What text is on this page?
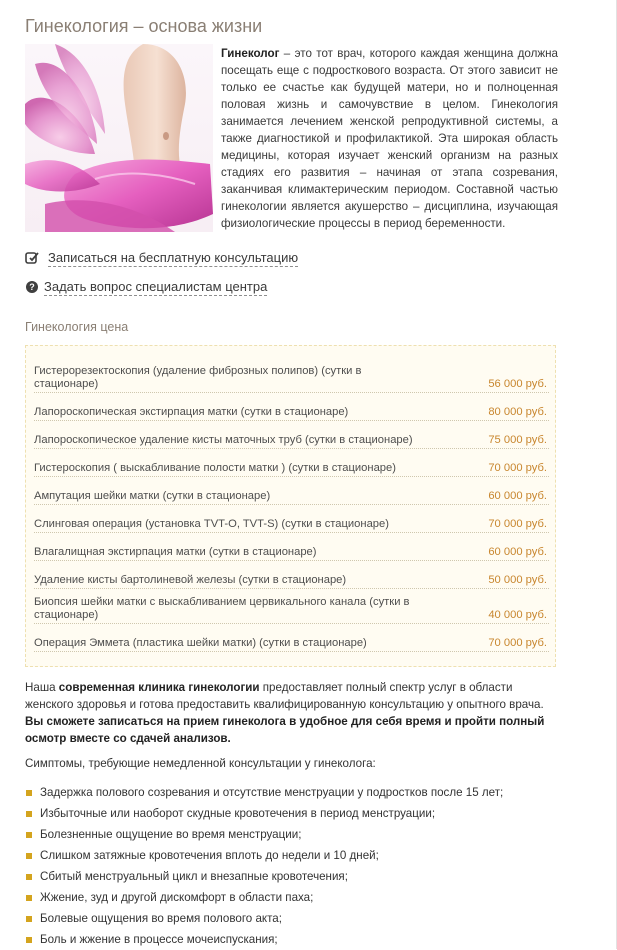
Гинекология – основа жизни
Гинеколог – это тот врач, которого каждая женщина должна посещать еще с подросткового возраста. От этого зависит не только ее счастье как будущей матери, но и полноценная половая жизнь и самочувствие в целом. Гинекология занимается лечением женской репродуктивной системы, а также диагностикой и профилактикой. Эта широкая область медицины, которая изучает женский организм на разных стадиях его развития – начиная от этапа созревания, заканчивая климактерическим периодом. Составной частью гинекологии является акушерство – дисциплина, изучающая физиологические процессы в период беременности.
Записаться на бесплатную консультацию
? Задать вопрос специалистам центра
Гинекология цена
Гистерорезектоскопия (удаление фиброзных полипов) (сутки в стационаре)	56 000 руб.
Лапороскопическая экстирпация матки (сутки в стационаре)	80 000 руб.
Лапороскопическое удаление кисты маточных труб (сутки в стационаре)	75 000 руб.
Гистероскопия ( выскабливание полости матки ) (сутки в стационаре)	70 000 руб.
Ампутация шейки матки (сутки в стационаре)	60 000 руб.
Слинговая операция (установка TVT-O, TVT-S) (сутки в стационаре)	70 000 руб.
Влагалищная экстирпация матки (сутки в стационаре)	60 000 руб.
Удаление кисты бартолиневой железы (сутки в стационаре)	50 000 руб.
Биопсия шейки матки с выскабливанием цервикального канала (сутки в стационаре)	40 000 руб.
Операция Эммета (пластика шейки матки) (сутки в стационаре)	70 000 руб.
Наша современная клиника гинекологии предоставляет полный спектр услуг в области женского здоровья и готова предоставить квалифицированную консультацию у опытного врача. Вы сможете записаться на прием гинеколога в удобное для себя время и пройти полный осмотр вместе со сдачей анализов.
Симптомы, требующие немедленной консультации у гинеколога:
Задержка полового созревания и отсутствие менструации у подростков после 15 лет;
Избыточные или наоборот скудные кровотечения в период менструации;
Болезненные ощущение во время менструации;
Слишком затяжные кровотечения вплоть до недели и 10 дней;
Сбитый менструальный цикл и внезапные кровотечения;
Жжение, зуд и другой дискомфорт в области паха;
Болевые ощущения во время полового акта;
Боль и жжение в процессе мочеиспускания;
